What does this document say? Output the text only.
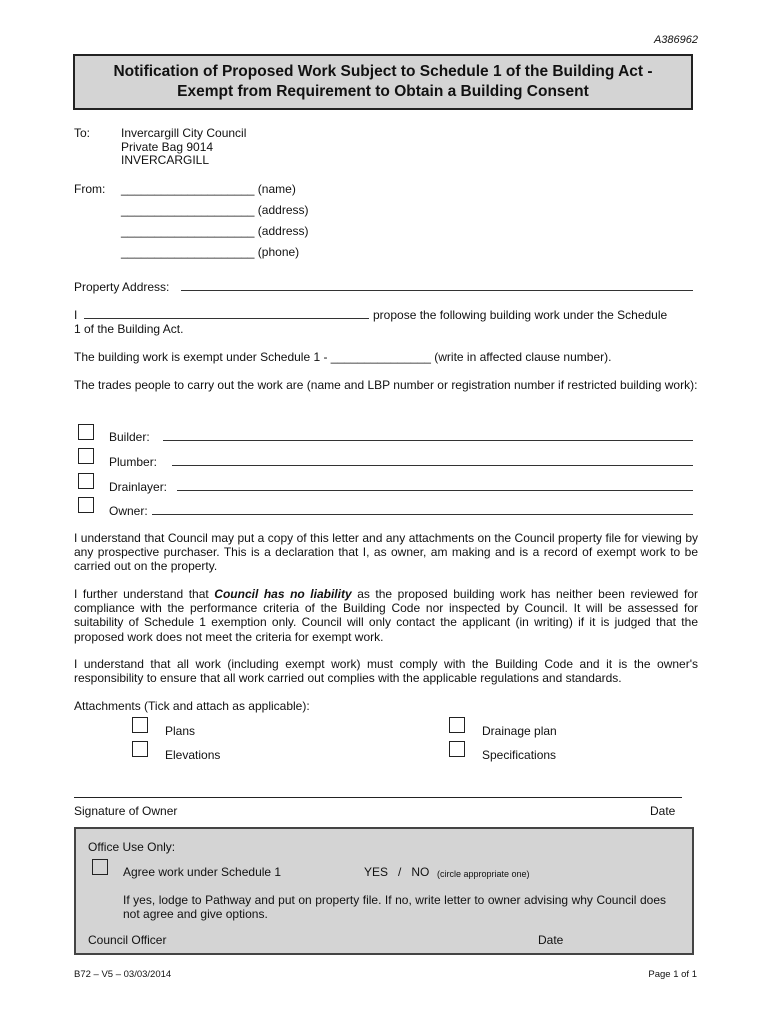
A386962
Notification of Proposed Work Subject to Schedule 1 of the Building Act -
Exempt from Requirement to Obtain a Building Consent
To:	Invercargill City Council
Private Bag 9014
INVERCARGILL
From: ____________________ (name)
____________________ (address)
____________________ (address)
____________________ (phone)
Property Address:
I	propose the following building work under the Schedule
1 of the Building Act.
The building work is exempt under Schedule 1 - _______________ (write in affected clause number).
The trades people to carry out the work are (name and LBP number or registration number if restricted building work):
Builder:
Plumber:
Drainlayer:
Owner:
I understand that Council may put a copy of this letter and any attachments on the Council property file for viewing by any prospective purchaser. This is a declaration that I, as owner, am making and is a record of exempt work to be carried out on the property.
I further understand that Council has no liability as the proposed building work has neither been reviewed for compliance with the performance criteria of the Building Code nor inspected by Council. It will be assessed for suitability of Schedule 1 exemption only. Council will only contact the applicant (in writing) if it is judged that the proposed work does not meet the criteria for exempt work.
I understand that all work (including exempt work) must comply with the Building Code and it is the owner's responsibility to ensure that all work carried out complies with the applicable regulations and standards.
Attachments (Tick and attach as applicable):
Plans
Elevations
Drainage plan
Specifications
Signature of Owner	Date
Office Use Only:
Agree work under Schedule 1	YES   /   NO (circle appropriate one)
If yes, lodge to Pathway and put on property file. If no, write letter to owner advising why Council does not agree and give options.
Council Officer	Date
B72 – V5 – 03/03/2014	Page 1 of 1
